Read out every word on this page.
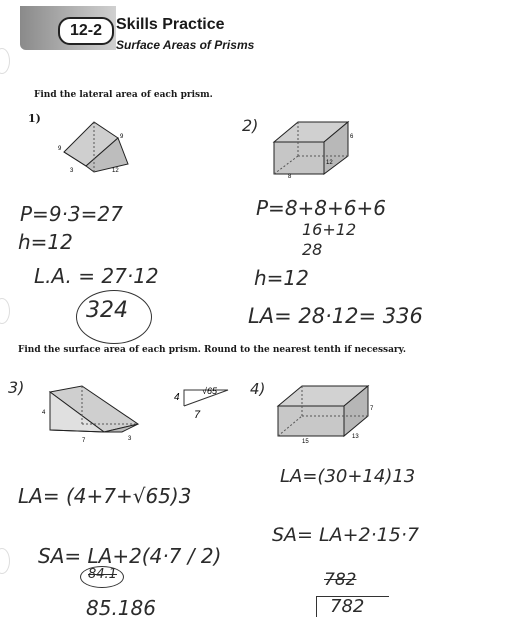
12-2 Skills Practice
Surface Areas of Prisms
Find the lateral area of each prism.
1)
9
9
3	12
2)
6
8
12
P=9·3=27
h=12
L.A. = 27·12
324
P=8+8+6+6
16+12
28
h=12
LA= 28·12= 336
Find the surface area of each prism. Round to the nearest tenth if necessary.
3)
4
7	3
4
√65
7
4)
7
15
13
LA= (4+7+√65)3
SA= LA+2(4·7 / 2)
84.1
85.186
LA=(30+14)13
SA= LA+2·15·7
782
782
